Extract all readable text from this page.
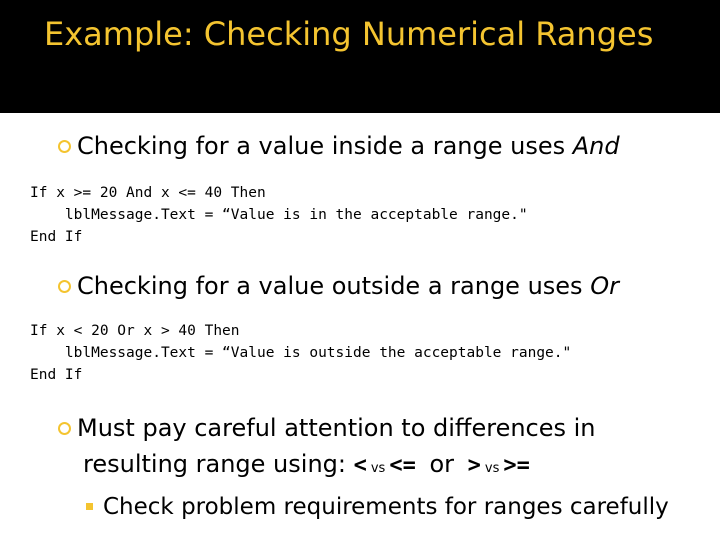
Example: Checking Numerical Ranges
Checking for a value inside a range uses And
If x >= 20 And x <= 40 Then
lblMessage.Text = “Value is in the acceptable range."
End If
Checking for a value outside a range uses Or
If x < 20 Or x > 40 Then
lblMessage.Text = “Value is outside the acceptable range."
End If
Must pay careful attention to differences in
resulting range using: < vs <= or > vs >=
Check problem requirements for ranges carefully
